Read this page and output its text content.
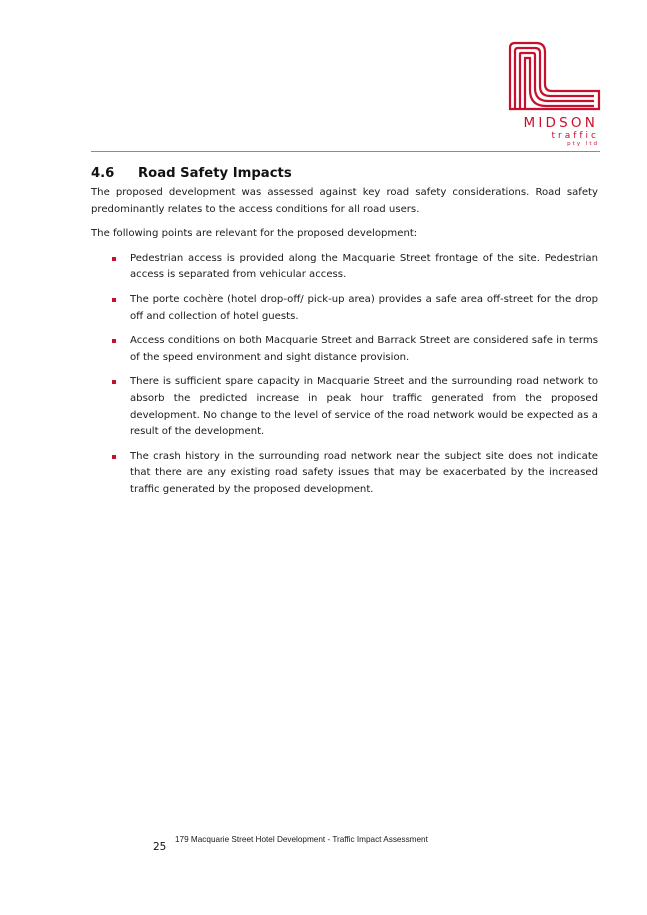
MIDSON
traffic
pty ltd
4.6 Road Safety Impacts

The proposed development was assessed against key road safety considerations. Road safety predominantly relates to the access conditions for all road users.

The following points are relevant for the proposed development:

Pedestrian access is provided along the Macquarie Street frontage of the site. Pedestrian access is separated from vehicular access.
The porte cochère (hotel drop-off/ pick-up area) provides a safe area off-street for the drop off and collection of hotel guests.
Access conditions on both Macquarie Street and Barrack Street are considered safe in terms of the speed environment and sight distance provision.
There is sufficient spare capacity in Macquarie Street and the surrounding road network to absorb the predicted increase in peak hour traffic generated from the proposed development. No change to the level of service of the road network would be expected as a result of the development.
The crash history in the surrounding road network near the subject site does not indicate that there are any existing road safety issues that may be exacerbated by the increased traffic generated by the proposed development.
25
179 Macquarie Street Hotel Development - Traffic Impact Assessment
